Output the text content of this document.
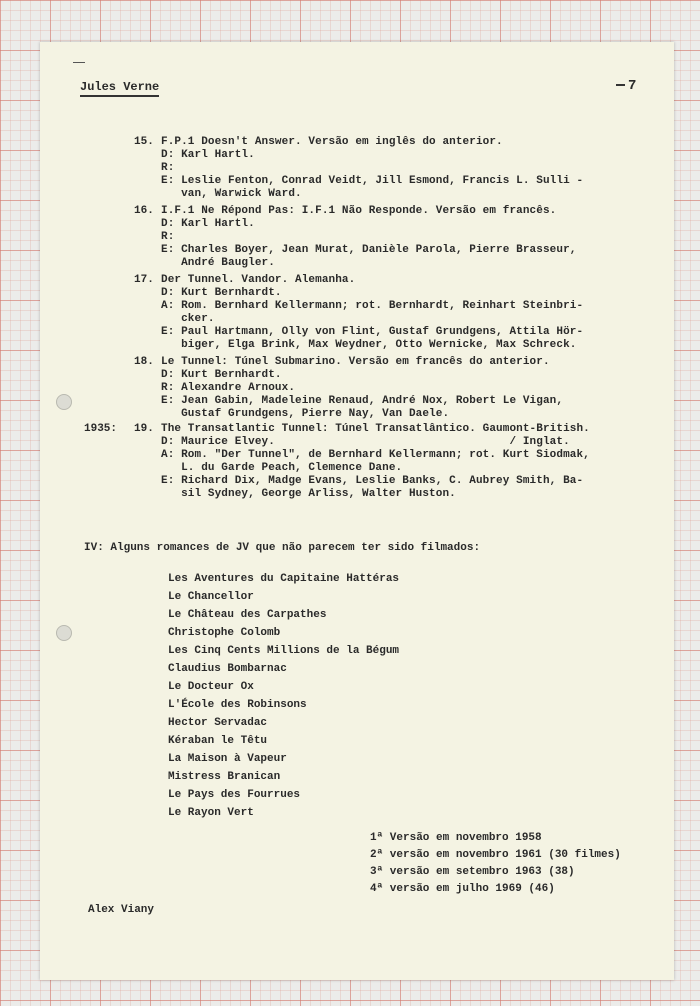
Jules Verne	7
15. F.P.1 Doesn't Answer. Versão em inglês do anterior.
D: Karl Hartl.
R:
E: Leslie Fenton, Conrad Veidt, Jill Esmond, Francis L. Sulli -
van, Warwick Ward.
16. I.F.1 Ne Répond Pas: I.F.1 Não Responde. Versão em francês.
D: Karl Hartl.
R:
E: Charles Boyer, Jean Murat, Danièle Parola, Pierre Brasseur,
André Baugler.
17. Der Tunnel. Vandor. Alemanha.
D: Kurt Bernhardt.
A: Rom. Bernhard Kellermann; rot. Bernhardt, Reinhart Steinbri-
cker.
E: Paul Hartmann, Olly von Flint, Gustaf Grundgens, Attila Hör-
biger, Elga Brink, Max Weydner, Otto Wernicke, Max Schreck.
18. Le Tunnel: Túnel Submarino. Versão em francês do anterior.
D: Kurt Bernhardt.
R: Alexandre Arnoux.
E: Jean Gabin, Madeleine Renaud, André Nox, Robert Le Vigan,
Gustaf Grundgens, Pierre Nay, Van Daele.
1935: 19. The Transatlantic Tunnel: Túnel Transatlântico. Gaumont-British.
D: Maurice Elvey.                                   / Inglat.
A: Rom. "Der Tunnel", de Bernhard Kellermann; rot. Kurt Siodmak,
L. du Garde Peach, Clemence Dane.
E: Richard Dix, Madge Evans, Leslie Banks, C. Aubrey Smith, Ba-
sil Sydney, George Arliss, Walter Huston.
IV: Alguns romances de JV que não parecem ter sido filmados:
Les Aventures du Capitaine Hattéras
Le Chancellor
Le Château des Carpathes
Christophe Colomb
Les Cinq Cents Millions de la Bégum
Claudius Bombarnac
Le Docteur Ox
L'École des Robinsons
Hector Servadac
Kéraban le Têtu
La Maison à Vapeur
Mistress Branican
Le Pays des Fourrues
Le Rayon Vert
1ª Versão em novembro 1958
2ª versão em novembro 1961 (30 filmes)
3ª versão em setembro 1963 (38)
4ª versão em julho 1969 (46)
Alex Viany
